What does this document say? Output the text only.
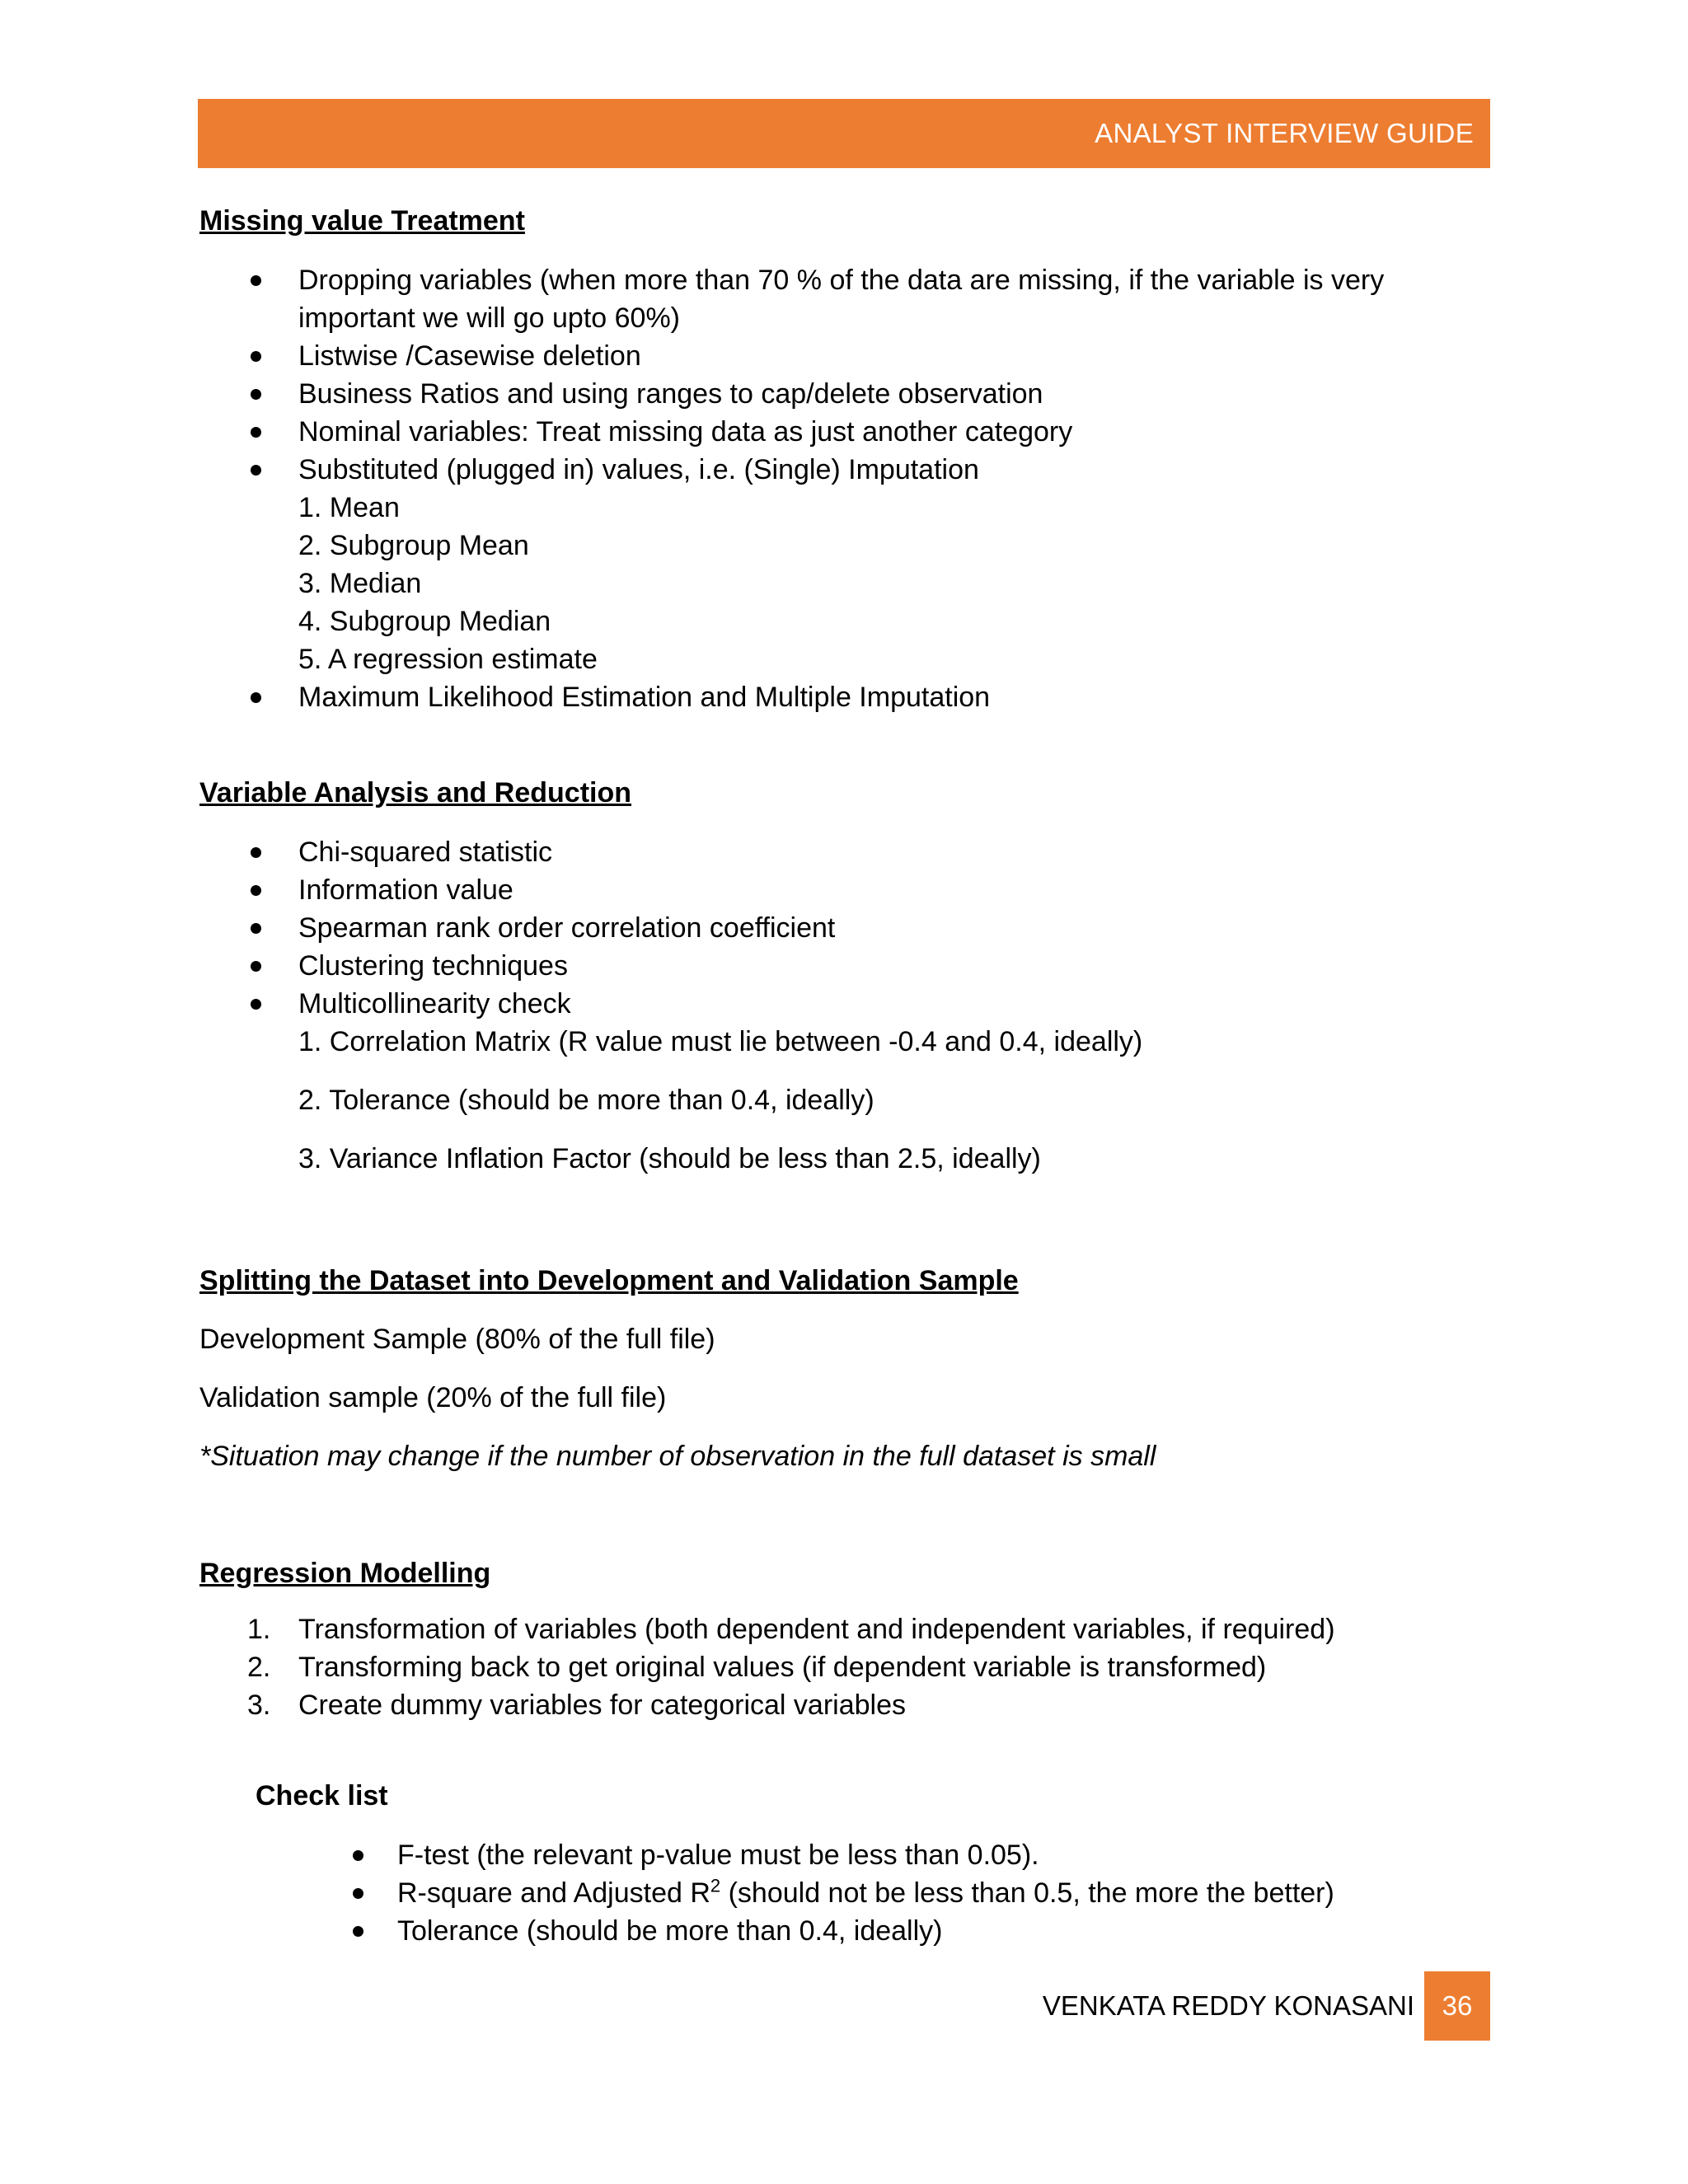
ANALYST INTERVIEW GUIDE

Missing value Treatment

Dropping variables (when more than 70 % of the data are missing, if the variable is very
important we will go upto 60%)
Listwise /Casewise deletion
Business Ratios and using ranges to cap/delete observation
Nominal variables: Treat missing data as just another category
Substituted (plugged in) values, i.e. (Single) Imputation
1. Mean
2. Subgroup Mean
3. Median
4. Subgroup Median
5. A regression estimate
Maximum Likelihood Estimation and Multiple Imputation

Variable Analysis and Reduction

Chi-squared statistic
Information value
Spearman rank order correlation coefficient
Clustering techniques
Multicollinearity check
1. Correlation Matrix (R value must lie between -0.4 and 0.4, ideally)
2. Tolerance (should be more than 0.4, ideally)
3. Variance Inflation Factor (should be less than 2.5, ideally)

Splitting the Dataset into Development and Validation Sample

Development Sample (80% of the full file)

Validation sample (20% of the full file)

*Situation may change if the number of observation in the full dataset is small

Regression Modelling

1. Transformation of variables (both dependent and independent variables, if required)
2. Transforming back to get original values (if dependent variable is transformed)
3. Create dummy variables for categorical variables

Check list

F-test (the relevant p-value must be less than 0.05).
R-square and Adjusted $R^2$ (should not be less than 0.5, the more the better)
Tolerance (should be more than 0.4, ideally)
VENKATA REDDY KONASANI	36
